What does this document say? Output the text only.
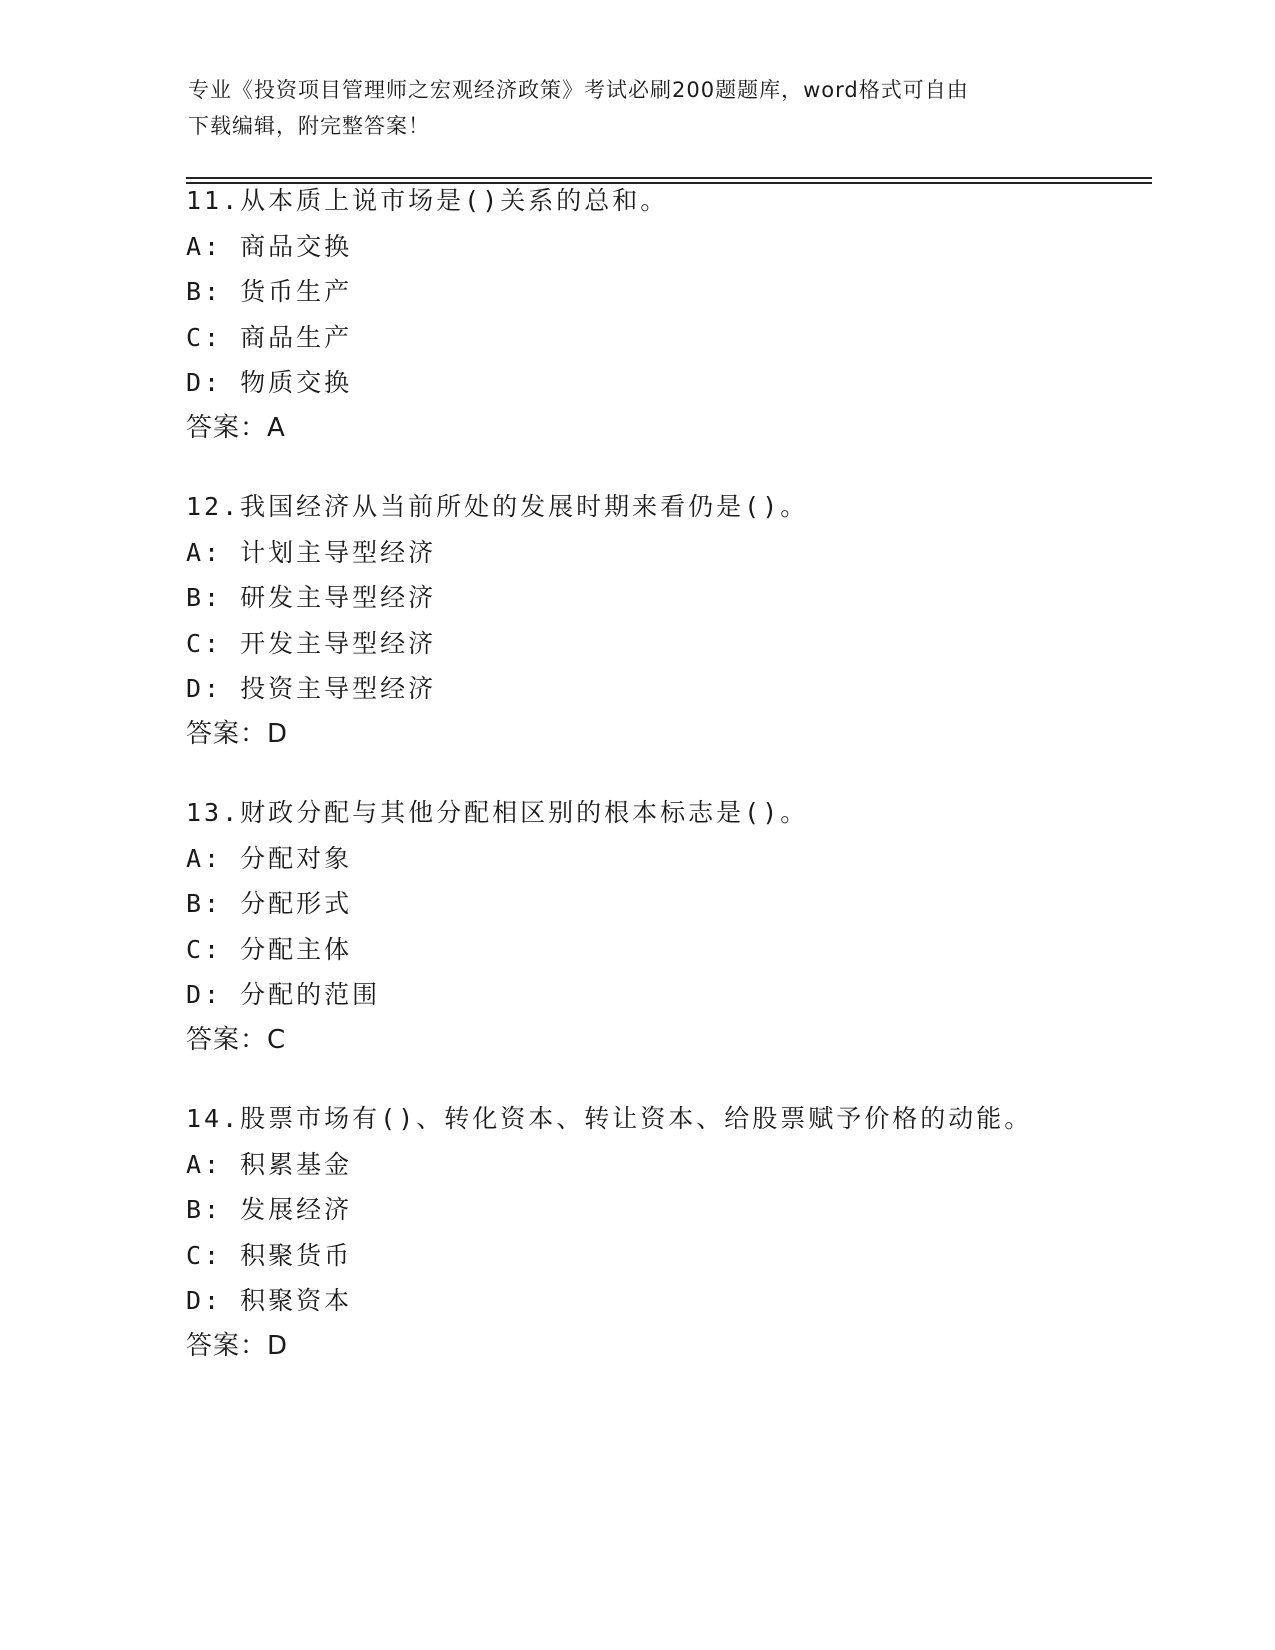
专业《投资项目管理师之宏观经济政策》考试必刷200题题库，word格式可自由
下载编辑，附完整答案！
11.从本质上说市场是()关系的总和。
A: 商品交换
B: 货币生产
C: 商品生产
D: 物质交换
答案：A
12.我国经济从当前所处的发展时期来看仍是()。
A: 计划主导型经济
B: 研发主导型经济
C: 开发主导型经济
D: 投资主导型经济
答案：D
13.财政分配与其他分配相区别的根本标志是()。
A: 分配对象
B: 分配形式
C: 分配主体
D: 分配的范围
答案：C
14.股票市场有()、转化资本、转让资本、给股票赋予价格的动能。
A: 积累基金
B: 发展经济
C: 积聚货币
D: 积聚资本
答案：D
